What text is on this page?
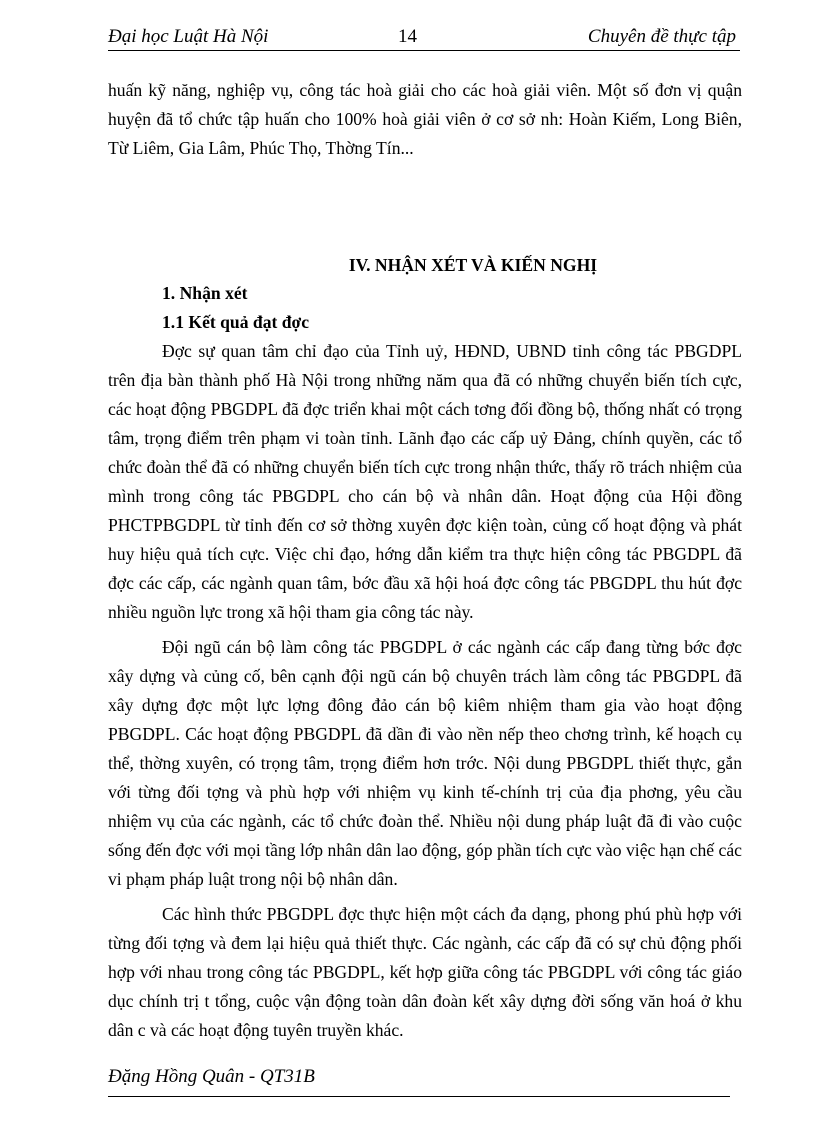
Đại học Luật Hà Nội	14	Chuyên đề thực tập

huấn kỹ năng, nghiệp vụ, công tác hoà giải cho các hoà giải viên. Một số đơn vị quận huyện đã tổ chức tập huấn cho 100% hoà giải viên ở cơ sở nh: Hoàn Kiếm, Long Biên, Từ Liêm, Gia Lâm, Phúc Thọ, Thờng Tín...

IV. NHẬN XÉT VÀ KIẾN NGHỊ
1. Nhận xét
1.1 Kết quả đạt đợc

Đợc sự quan tâm chỉ đạo của Tỉnh uỷ, HĐND, UBND tỉnh công tác PBGDPL trên địa bàn thành phố Hà Nội trong những năm qua đã có những chuyển biến tích cực, các hoạt động PBGDPL đã đợc triển khai một cách tơng đối đồng bộ, thống nhất có trọng tâm, trọng điểm trên phạm vi toàn tỉnh. Lãnh đạo các cấp uỷ Đảng, chính quyền, các tổ chức đoàn thể đã có những chuyển biến tích cực trong nhận thức, thấy rõ trách nhiệm của mình trong công tác PBGDPL cho cán bộ và nhân dân. Hoạt động của Hội đồng PHCTPBGDPL từ tỉnh đến cơ sở thờng xuyên đợc kiện toàn, củng cố hoạt động và phát huy hiệu quả tích cực. Việc chỉ đạo, hớng dẫn kiểm tra thực hiện công tác PBGDPL đã đợc các cấp, các ngành quan tâm, bớc đầu xã hội hoá đợc công tác PBGDPL thu hút đợc nhiều nguồn lực trong xã hội tham gia công tác này.

Đội ngũ cán bộ làm công tác PBGDPL ở các ngành các cấp đang từng bớc đợc xây dựng và củng cố, bên cạnh đội ngũ cán bộ chuyên trách làm công tác PBGDPL đã xây dựng đợc một lực lợng đông đảo cán bộ kiêm nhiệm tham gia vào hoạt động PBGDPL. Các hoạt động PBGDPL đã dần đi vào nền nếp theo chơng trình, kế hoạch cụ thể, thờng xuyên, có trọng tâm, trọng điểm hơn trớc. Nội dung PBGDPL thiết thực, gắn với từng đối tợng và phù hợp với nhiệm vụ kinh tế-chính trị của địa phơng, yêu cầu nhiệm vụ của các ngành, các tổ chức đoàn thể. Nhiều nội dung pháp luật đã đi vào cuộc sống đến đợc với mọi tầng lớp nhân dân lao động, góp phần tích cực vào việc hạn chế các vi phạm pháp luật trong nội bộ nhân dân.

Các hình thức PBGDPL đợc thực hiện một cách đa dạng, phong phú phù hợp với từng đối tợng và đem lại hiệu quả thiết thực. Các ngành, các cấp đã có sự chủ động phối hợp với nhau trong công tác PBGDPL, kết hợp giữa công tác PBGDPL với công tác giáo dục chính trị t tổng, cuộc vận động toàn dân đoàn kết xây dựng đời sống văn hoá ở khu dân c và các hoạt động tuyên truyền khác.

Đặng Hồng Quân - QT31B
